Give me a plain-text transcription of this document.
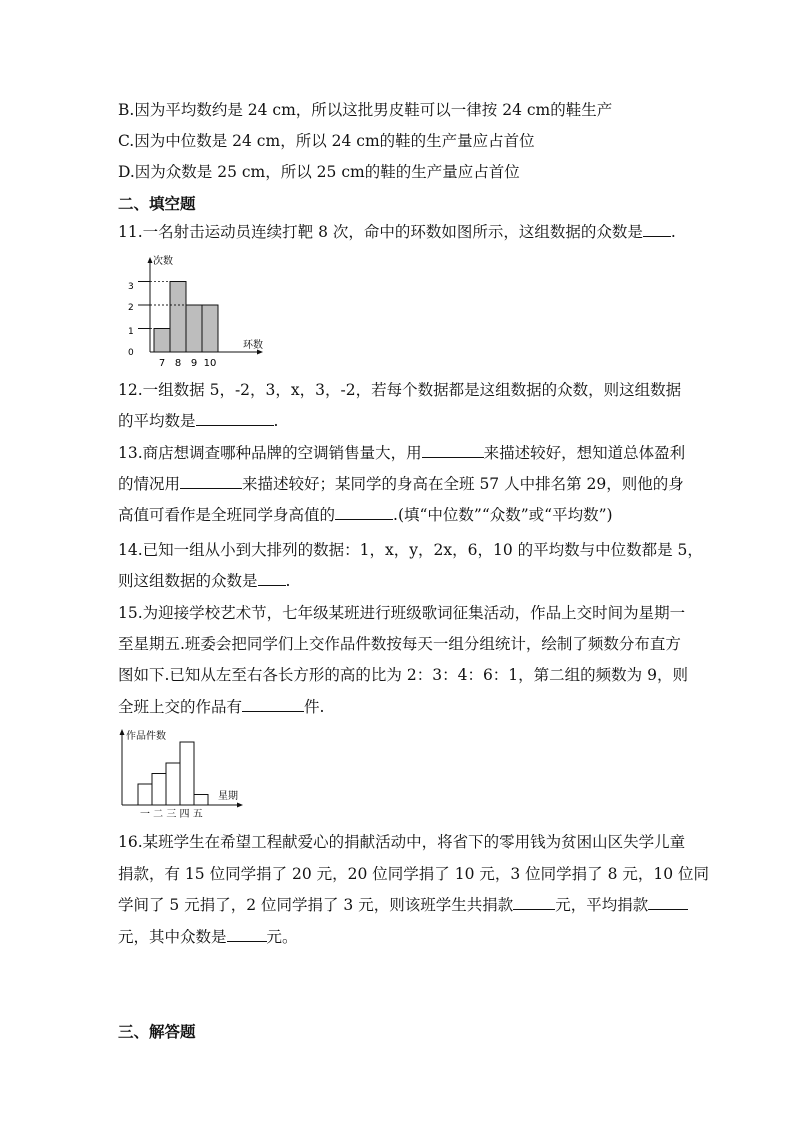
B.因为平均数约是 24 cm，所以这批男皮鞋可以一律按 24 cm的鞋生产
C.因为中位数是 24 cm，所以 24 cm的鞋的生产量应占首位
D.因为众数是 25 cm，所以 25 cm的鞋的生产量应占首位
二、填空题
11.一名射击运动员连续打靶 8 次，命中的环数如图所示，这组数据的众数是 .
次数
环数
3
2
1
0
7 8 9 10
12.一组数据 5，-2，3，x，3，-2，若每个数据都是这组数据的众数，则这组数据
的平均数是	.
13.商店想调查哪种品牌的空调销售量大，用	来描述较好，想知道总体盈利
的情况用	来描述较好；某同学的身高在全班 57 人中排名第 29，则他的身
高值可看作是全班同学身高值的	.(填“中位数”“众数”或“平均数”)
14.已知一组从小到大排列的数据：1，x，y，2x，6，10 的平均数与中位数都是 5，
则这组数据的众数是 .
15.为迎接学校艺术节，七年级某班进行班级歌词征集活动，作品上交时间为星期一
至星期五.班委会把同学们上交作品件数按每天一组分组统计，绘制了频数分布直方
图如下.已知从左至右各长方形的高的比为 2：3：4：6：1，第二组的频数为 9，则
全班上交的作品有	件.
作品件数
星期
一 二 三 四 五
16.某班学生在希望工程献爱心的捐献活动中，将省下的零用钱为贫困山区失学儿童
捐款，有 15 位同学捐了 20 元，20 位同学捐了 10 元，3 位同学捐了 8 元，10 位同
学间了 5 元捐了，2 位同学捐了 3 元，则该班学生共捐款	元，平均捐款
元，其中众数是	元。
三、解答题
